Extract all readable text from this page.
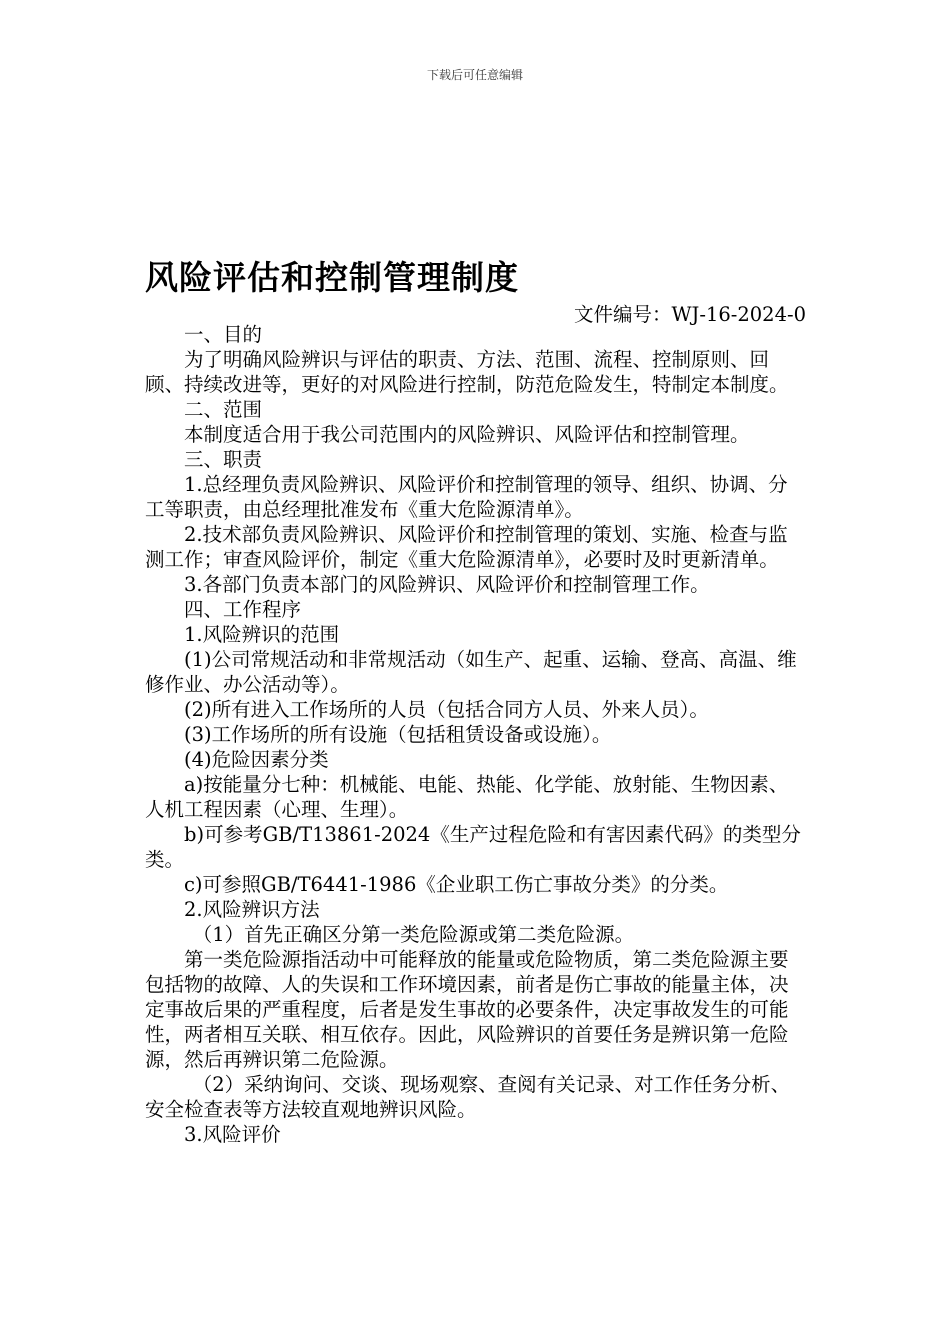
下载后可任意编辑
风险评估和控制管理制度
文件编号：WJ-16-2024-0

一、目的

为了明确风险辨识与评估的职责、方法、范围、流程、控制原则、回顾、持续改进等，更好的对风险进行控制，防范危险发生，特制定本制度。

二、范围

本制度适合用于我公司范围内的风险辨识、风险评估和控制管理。

三、职责

1.总经理负责风险辨识、风险评价和控制管理的领导、组织、协调、分工等职责，由总经理批准发布《重大危险源清单》。

2.技术部负责风险辨识、风险评价和控制管理的策划、实施、检查与监测工作；审查风险评价，制定《重大危险源清单》，必要时及时更新清单。

3.各部门负责本部门的风险辨识、风险评价和控制管理工作。

四、工作程序

1.风险辨识的范围

(1)公司常规活动和非常规活动（如生产、起重、运输、登高、高温、维修作业、办公活动等）。

(2)所有进入工作场所的人员（包括合同方人员、外来人员）。

(3)工作场所的所有设施（包括租赁设备或设施）。

(4)危险因素分类

a)按能量分七种：机械能、电能、热能、化学能、放射能、生物因素、人机工程因素（心理、生理）。

b)可参考GB/T13861-2024《生产过程危险和有害因素代码》的类型分类。

c)可参照GB/T6441-1986《企业职工伤亡事故分类》的分类。

2.风险辨识方法

（1）首先正确区分第一类危险源或第二类危险源。

第一类危险源指活动中可能释放的能量或危险物质，第二类危险源主要包括物的故障、人的失误和工作环境因素，前者是伤亡事故的能量主体，决定事故后果的严重程度，后者是发生事故的必要条件，决定事故发生的可能性，两者相互关联、相互依存。因此，风险辨识的首要任务是辨识第一危险源，然后再辨识第二危险源。

（2）采纳询问、交谈、现场观察、查阅有关记录、对工作任务分析、安全检查表等方法较直观地辨识风险。

3.风险评价
